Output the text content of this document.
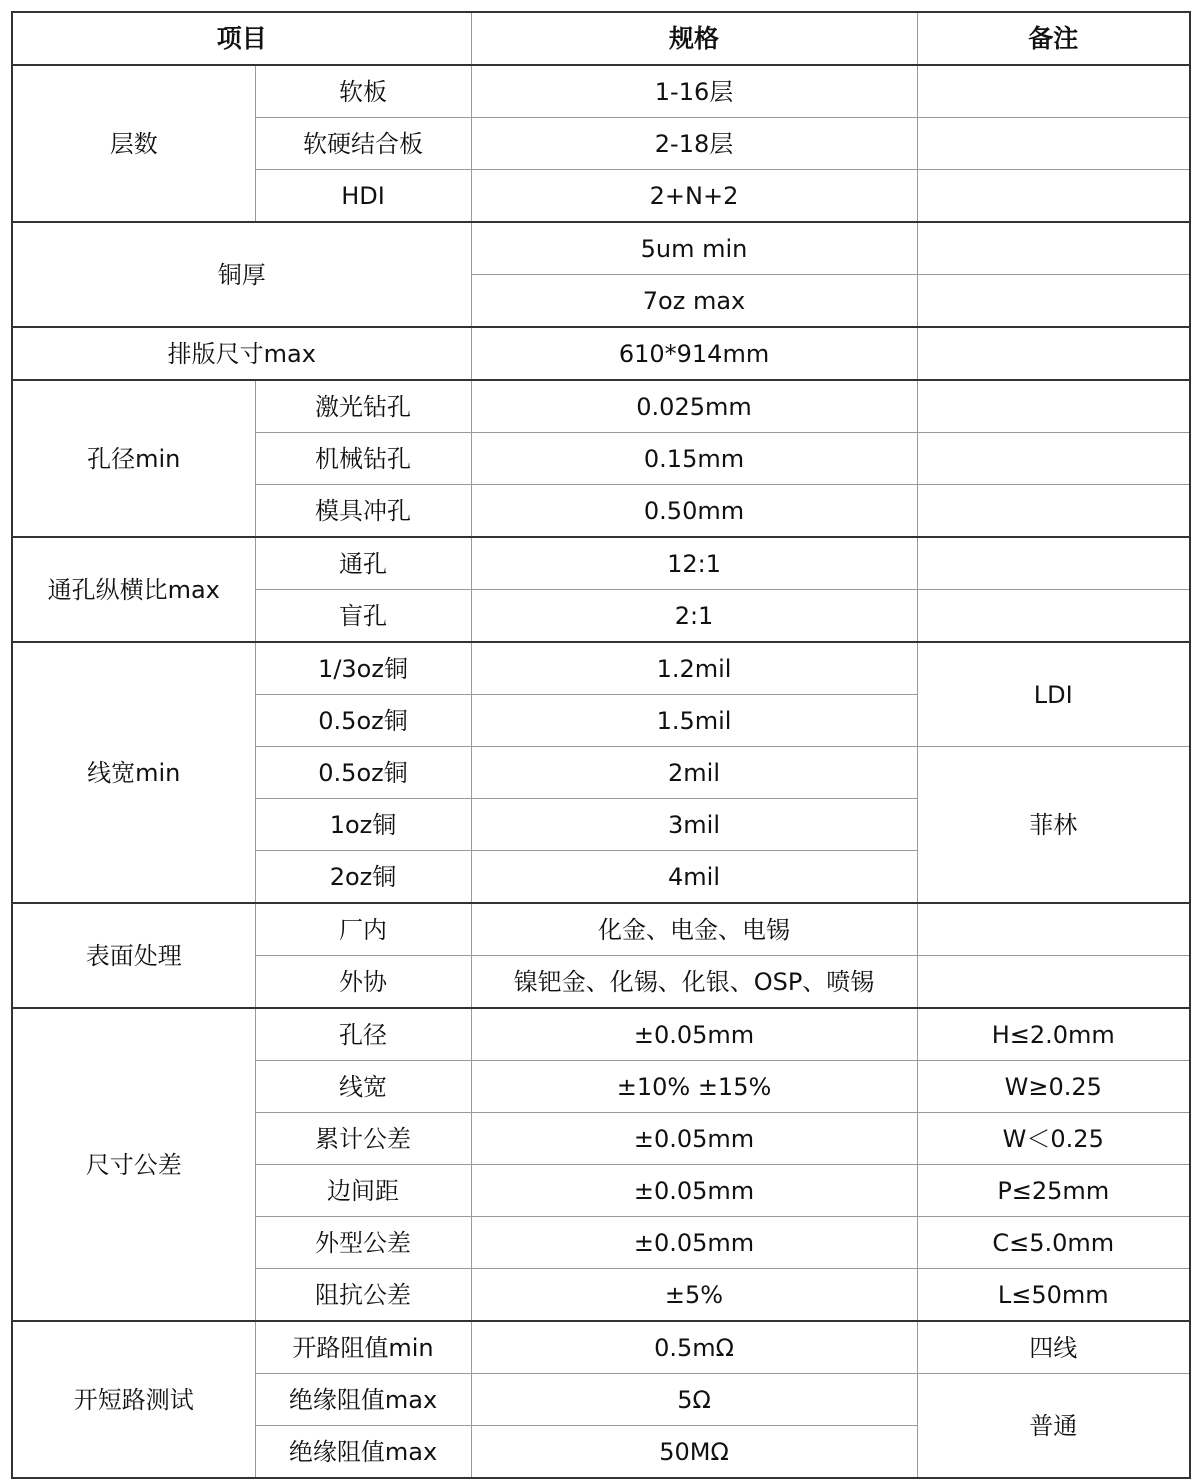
项目		规格	备注
层数	软板	1-16层	
	软硬结合板	2-18层	
	HDI	2+N+2	
铜厚		5um min	
		7oz max	
排版尺寸max		610*914mm	
孔径min	激光钻孔	0.025mm	
	机械钻孔	0.15mm	
	模具冲孔	0.50mm	
通孔纵横比max	通孔	12:1	
	盲孔	2:1	
线宽min	1/3oz铜	1.2mil	LDI
	0.5oz铜	1.5mil	
	0.5oz铜	2mil	菲林
	1oz铜	3mil	
	2oz铜	4mil	
表面处理	厂内	化金、电金、电锡	
	外协	镍钯金、化锡、化银、OSP、喷锡	
尺寸公差	孔径	±0.05mm	H≤2.0mm
	线宽	±10% ±15%	W≥0.25
	累计公差	±0.05mm	W＜0.25
	边间距	±0.05mm	P≤25mm
	外型公差	±0.05mm	C≤5.0mm
	阻抗公差	±5%	L≤50mm
开短路测试	开路阻值min	0.5mΩ	四线
	绝缘阻值max	5Ω	普通
	绝缘阻值max	50MΩ	
